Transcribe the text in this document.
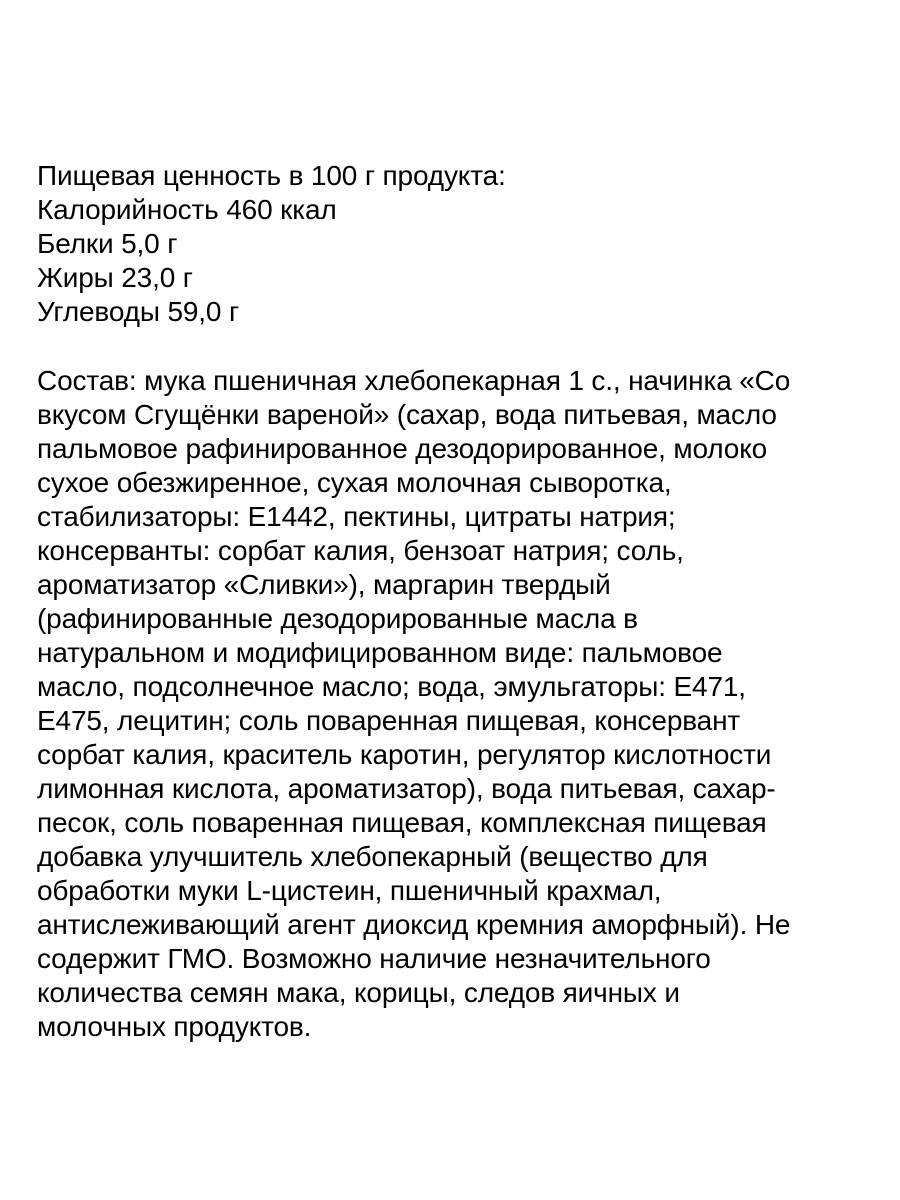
Пищевая ценность в 100 г продукта:
Калорийность 460 ккал
Белки 5,0 г
Жиры 23,0 г
Углеводы 59,0 г
Состав: мука пшеничная хлебопекарная 1 с., начинка «Со
вкусом Сгущёнки вареной» (сахар, вода питьевая, масло
пальмовое рафинированное дезодорированное, молоко
сухое обезжиренное, сухая молочная сыворотка,
стабилизаторы: Е1442, пектины, цитраты натрия;
консерванты: сорбат калия, бензоат натрия; соль,
ароматизатор «Сливки»), маргарин твердый
(рафинированные дезодорированные масла в
натуральном и модифицированном виде: пальмовое
масло, подсолнечное масло; вода, эмульгаторы: Е471,
Е475, лецитин; соль поваренная пищевая, консервант
сорбат калия, краситель каротин, регулятор кислотности
лимонная кислота, ароматизатор), вода питьевая, сахар-
песок, соль поваренная пищевая, комплексная пищевая
добавка улучшитель хлебопекарный (вещество для
обработки муки L-цистеин, пшеничный крахмал,
антислеживающий агент диоксид кремния аморфный). Не
содержит ГМО. Возможно наличие незначительного
количества семян мака, корицы, следов яичных и
молочных продуктов.
